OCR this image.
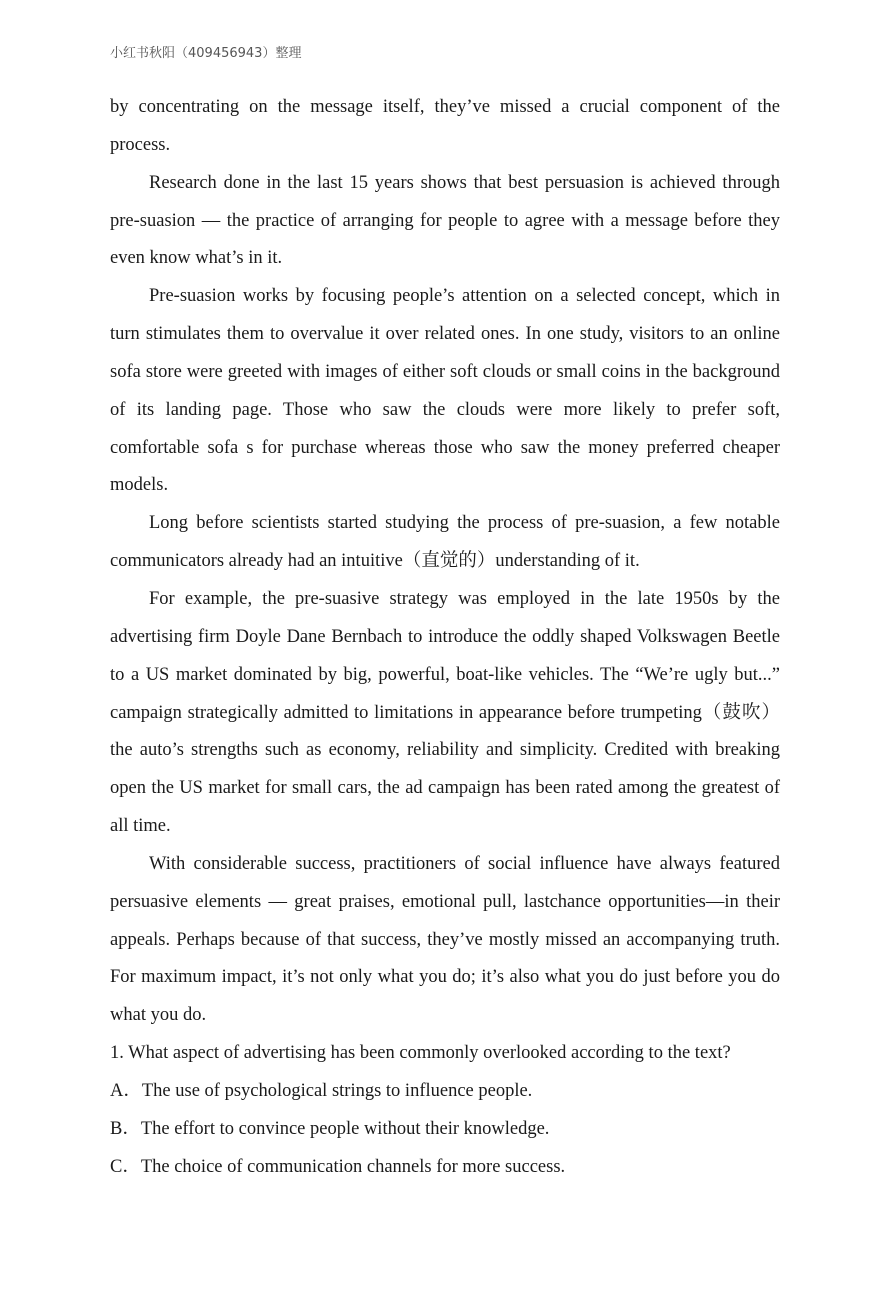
小红书秋阳（409456943）整理

by concentrating on the message itself, they’ve missed a crucial component of the process.

Research done in the last 15 years shows that best persuasion is achieved through pre-suasion — the practice of arranging for people to agree with a message before they even know what’s in it.

Pre-suasion works by focusing people’s attention on a selected concept, which in turn stimulates them to overvalue it over related ones. In one study, visitors to an online sofa store were greeted with images of either soft clouds or small coins in the background of its landing page. Those who saw the clouds were more likely to prefer soft, comfortable sofa s for purchase whereas those who saw the money preferred cheaper models.

Long before scientists started studying the process of pre-suasion, a few notable communicators already had an intuitive（直觉的）understanding of it.

For example, the pre-suasive strategy was employed in the late 1950s by the advertising firm Doyle Dane Bernbach to introduce the oddly shaped Volkswagen Beetle to a US market dominated by big, powerful, boat-like vehicles. The “We’re ugly but...” campaign strategically admitted to limitations in appearance before trumpeting（鼓吹）the auto’s strengths such as economy, reliability and simplicity. Credited with breaking open the US market for small cars, the ad campaign has been rated among the greatest of all time.

With considerable success, practitioners of social influence have always featured persuasive elements — great praises, emotional pull, lastchance opportunities—in their appeals. Perhaps because of that success, they’ve mostly missed an accompanying truth. For maximum impact, it’s not only what you do; it’s also what you do just before you do what you do.

1. What aspect of advertising has been commonly overlooked according to the text?

A．The use of psychological strings to influence people.

B．The effort to convince people without their knowledge.

C．The choice of communication channels for more success.
